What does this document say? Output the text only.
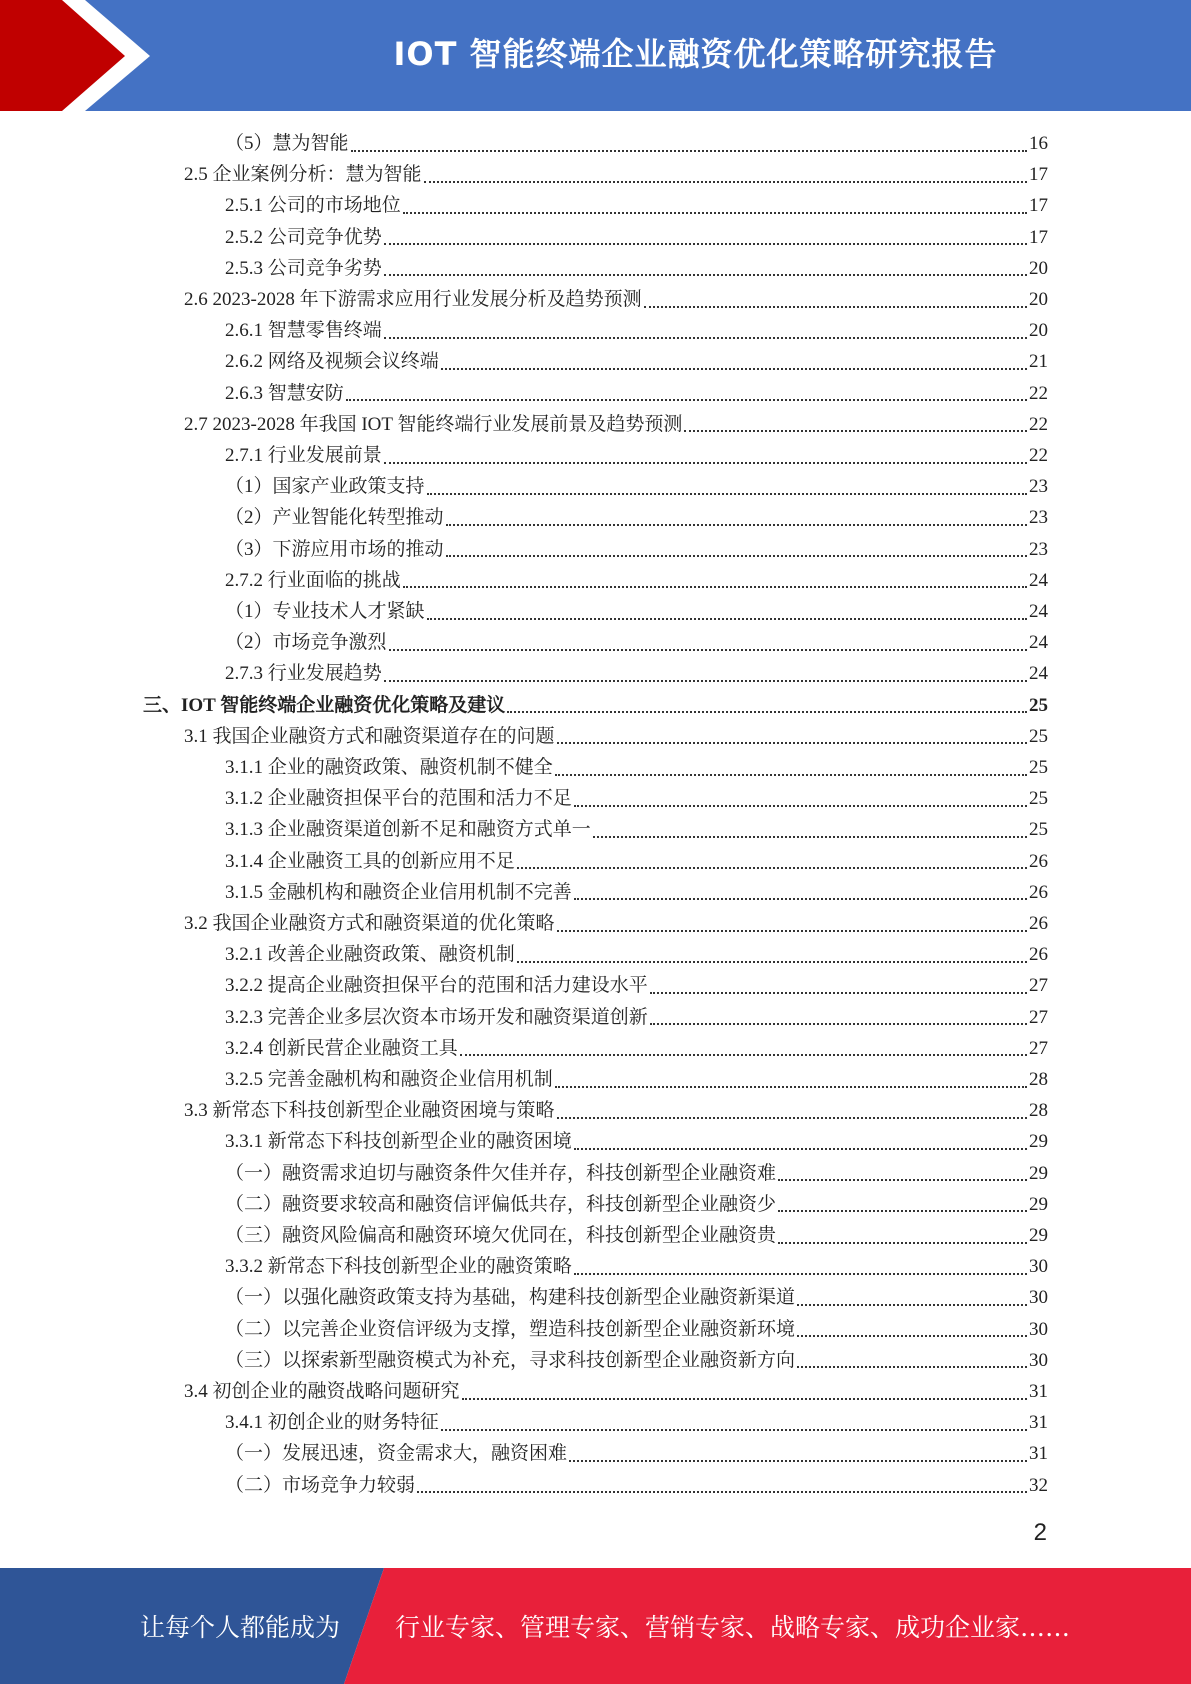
IOT 智能终端企业融资优化策略研究报告
（5）慧为智能	16
2.5 企业案例分析：慧为智能	17
2.5.1 公司的市场地位	17
2.5.2 公司竞争优势	17
2.5.3 公司竞争劣势	20
2.6 2023-2028 年下游需求应用行业发展分析及趋势预测	20
2.6.1 智慧零售终端	20
2.6.2 网络及视频会议终端	21
2.6.3 智慧安防	22
2.7 2023-2028 年我国 IOT 智能终端行业发展前景及趋势预测	22
2.7.1 行业发展前景	22
（1）国家产业政策支持	23
（2）产业智能化转型推动	23
（3）下游应用市场的推动	23
2.7.2 行业面临的挑战	24
（1）专业技术人才紧缺	24
（2）市场竞争激烈	24
2.7.3 行业发展趋势	24
三、IOT 智能终端企业融资优化策略及建议	25
3.1 我国企业融资方式和融资渠道存在的问题	25
3.1.1 企业的融资政策、融资机制不健全	25
3.1.2 企业融资担保平台的范围和活力不足	25
3.1.3 企业融资渠道创新不足和融资方式单一	25
3.1.4 企业融资工具的创新应用不足	26
3.1.5 金融机构和融资企业信用机制不完善	26
3.2 我国企业融资方式和融资渠道的优化策略	26
3.2.1 改善企业融资政策、融资机制	26
3.2.2 提高企业融资担保平台的范围和活力建设水平	27
3.2.3 完善企业多层次资本市场开发和融资渠道创新	27
3.2.4 创新民营企业融资工具	27
3.2.5 完善金融机构和融资企业信用机制	28
3.3 新常态下科技创新型企业融资困境与策略	28
3.3.1 新常态下科技创新型企业的融资困境	29
（一）融资需求迫切与融资条件欠佳并存，科技创新型企业融资难	29
（二）融资要求较高和融资信评偏低共存，科技创新型企业融资少	29
（三）融资风险偏高和融资环境欠优同在，科技创新型企业融资贵	29
3.3.2 新常态下科技创新型企业的融资策略	30
（一）以强化融资政策支持为基础，构建科技创新型企业融资新渠道	30
（二）以完善企业资信评级为支撑，塑造科技创新型企业融资新环境	30
（三）以探索新型融资模式为补充，寻求科技创新型企业融资新方向	30
3.4 初创企业的融资战略问题研究	31
3.4.1 初创企业的财务特征	31
（一）发展迅速，资金需求大，融资困难	31
（二）市场竞争力较弱	32
2
让每个人都能成为 行业专家、管理专家、营销专家、战略专家、成功企业家……
